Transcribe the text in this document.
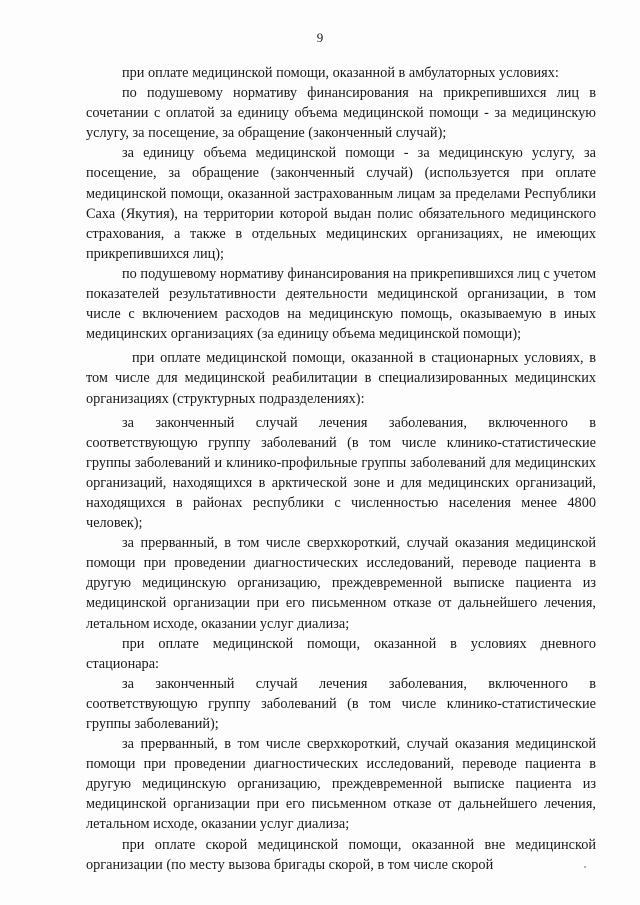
9

при оплате медицинской помощи, оказанной в амбулаторных условиях:

по подушевому нормативу финансирования на прикрепившихся лиц в сочетании с оплатой за единицу объема медицинской помощи - за медицинскую услугу, за посещение, за обращение (законченный случай);

за единицу объема медицинской помощи - за медицинскую услугу, за посещение, за обращение (законченный случай) (используется при оплате медицинской помощи, оказанной застрахованным лицам за пределами Республики Саха (Якутия), на территории которой выдан полис обязательного медицинского страхования, а также в отдельных медицинских организациях, не имеющих прикрепившихся лиц);

по подушевому нормативу финансирования на прикрепившихся лиц с учетом показателей результативности деятельности медицинской организации, в том числе с включением расходов на медицинскую помощь, оказываемую в иных медицинских организациях (за единицу объема медицинской помощи);

при оплате медицинской помощи, оказанной в стационарных условиях, в том числе для медицинской реабилитации в специализированных медицинских организациях (структурных подразделениях):

за законченный случай лечения заболевания, включенного в соответствующую группу заболеваний (в том числе клинико-статистические группы заболеваний и клинико-профильные группы заболеваний для медицинских организаций, находящихся в арктической зоне и для медицинских организаций, находящихся в районах республики с численностью населения менее 4800 человек);

за прерванный, в том числе сверхкороткий, случай оказания медицинской помощи при проведении диагностических исследований, переводе пациента в другую медицинскую организацию, преждевременной выписке пациента из медицинской организации при его письменном отказе от дальнейшего лечения, летальном исходе, оказании услуг диализа;

при оплате медицинской помощи, оказанной в условиях дневного стационара:

за законченный случай лечения заболевания, включенного в соответствующую группу заболеваний (в том числе клинико-статистические группы заболеваний);

за прерванный, в том числе сверхкороткий, случай оказания медицинской помощи при проведении диагностических исследований, переводе пациента в другую медицинскую организацию, преждевременной выписке пациента из медицинской организации при его письменном отказе от дальнейшего лечения, летальном исходе, оказании услуг диализа;

при оплате скорой медицинской помощи, оказанной вне медицинской организации (по месту вызова бригады скорой, в том числе скорой
